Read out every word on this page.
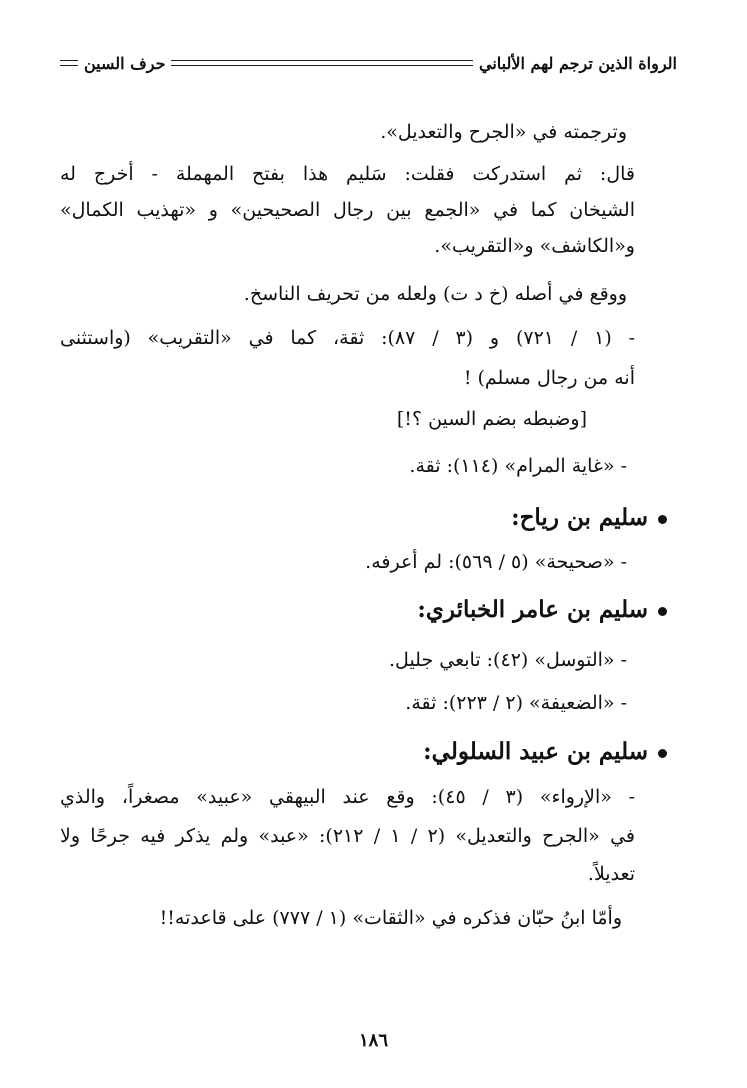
الرواة الذين ترجم لهم الألباني
حرف السين
وترجمته في «الجرح والتعديل».
قال: ثم استدركت فقلت: سَليم هذا بفتح المهملة - أخرج له
الشيخان كما في «الجمع بين رجال الصحيحين» و «تهذيب الكمال»
و«الكاشف» و«التقريب».
ووقع في أصله (خ د ت) ولعله من تحريف الناسخ.
- (١ / ٧٢١) و (٣ / ٨٧): ثقة، كما في «التقريب» (واستثنى
أنه من رجال مسلم) !
[وضبطه بضم السين ؟!]
- «غاية المرام» (١١٤): ثقة.
سليم بن رياح:
- «صحيحة» (٥ / ٥٦٩): لم أعرفه.
سليم بن عامر الخبائري:
- «التوسل» (٤٢): تابعي جليل.
- «الضعيفة» (٢ / ٢٢٣): ثقة.
سليم بن عبيد السلولي:
- «الإرواء» (٣ / ٤٥): وقع عند البيهقي «عبيد» مصغراً، والذي
في «الجرح والتعديل» (٢ / ١ / ٢١٢): «عبد» ولم يذكر فيه جرحًا ولا
تعديلاً.
وأمّا ابنُ حبّان فذكره في «الثقات» (١ / ٧٧٧) على قاعدته!!
١٨٦
